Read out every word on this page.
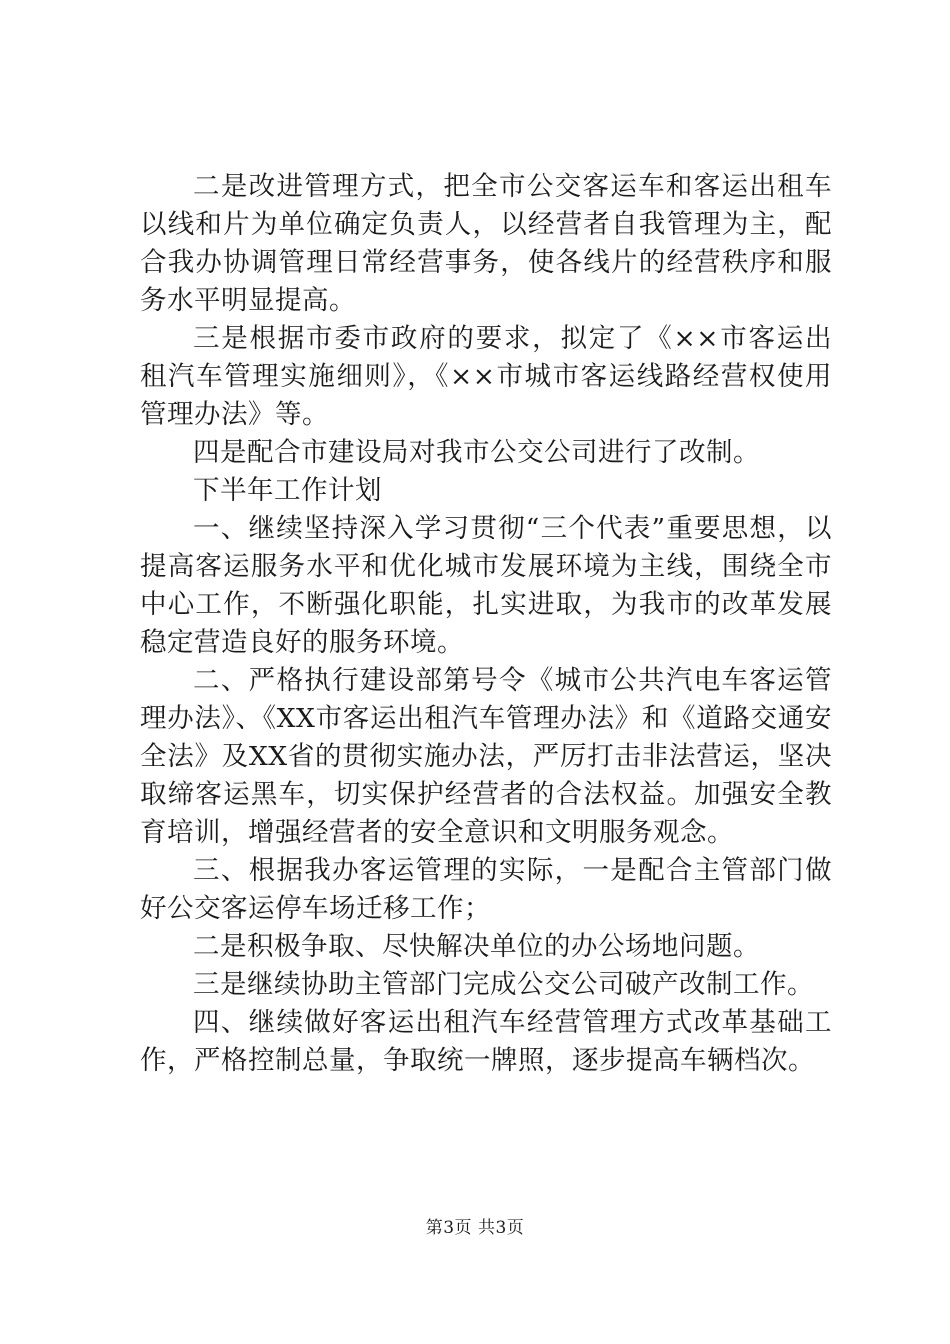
二是改进管理方式，把全市公交客运车和客运出租车以线和片为单位确定负责人，以经营者自我管理为主，配合我办协调管理日常经营事务，使各线片的经营秩序和服务水平明显提高。

三是根据市委市政府的要求，拟定了《××市客运出租汽车管理实施细则》，《××市城市客运线路经营权使用管理办法》等。

四是配合市建设局对我市公交公司进行了改制。

下半年工作计划

一、继续坚持深入学习贯彻“三个代表”重要思想，以提高客运服务水平和优化城市发展环境为主线，围绕全市中心工作，不断强化职能，扎实进取，为我市的改革发展稳定营造良好的服务环境。

二、严格执行建设部第号令《城市公共汽电车客运管理办法》、《XX市客运出租汽车管理办法》和《道路交通安全法》及XX省的贯彻实施办法，严厉打击非法营运，坚决取缔客运黑车，切实保护经营者的合法权益。加强安全教育培训，增强经营者的安全意识和文明服务观念。

三、根据我办客运管理的实际，一是配合主管部门做好公交客运停车场迁移工作；

二是积极争取、尽快解决单位的办公场地问题。

三是继续协助主管部门完成公交公司破产改制工作。

四、继续做好客运出租汽车经营管理方式改革基础工作，严格控制总量，争取统一牌照，逐步提高车辆档次。

第3页 共3页
